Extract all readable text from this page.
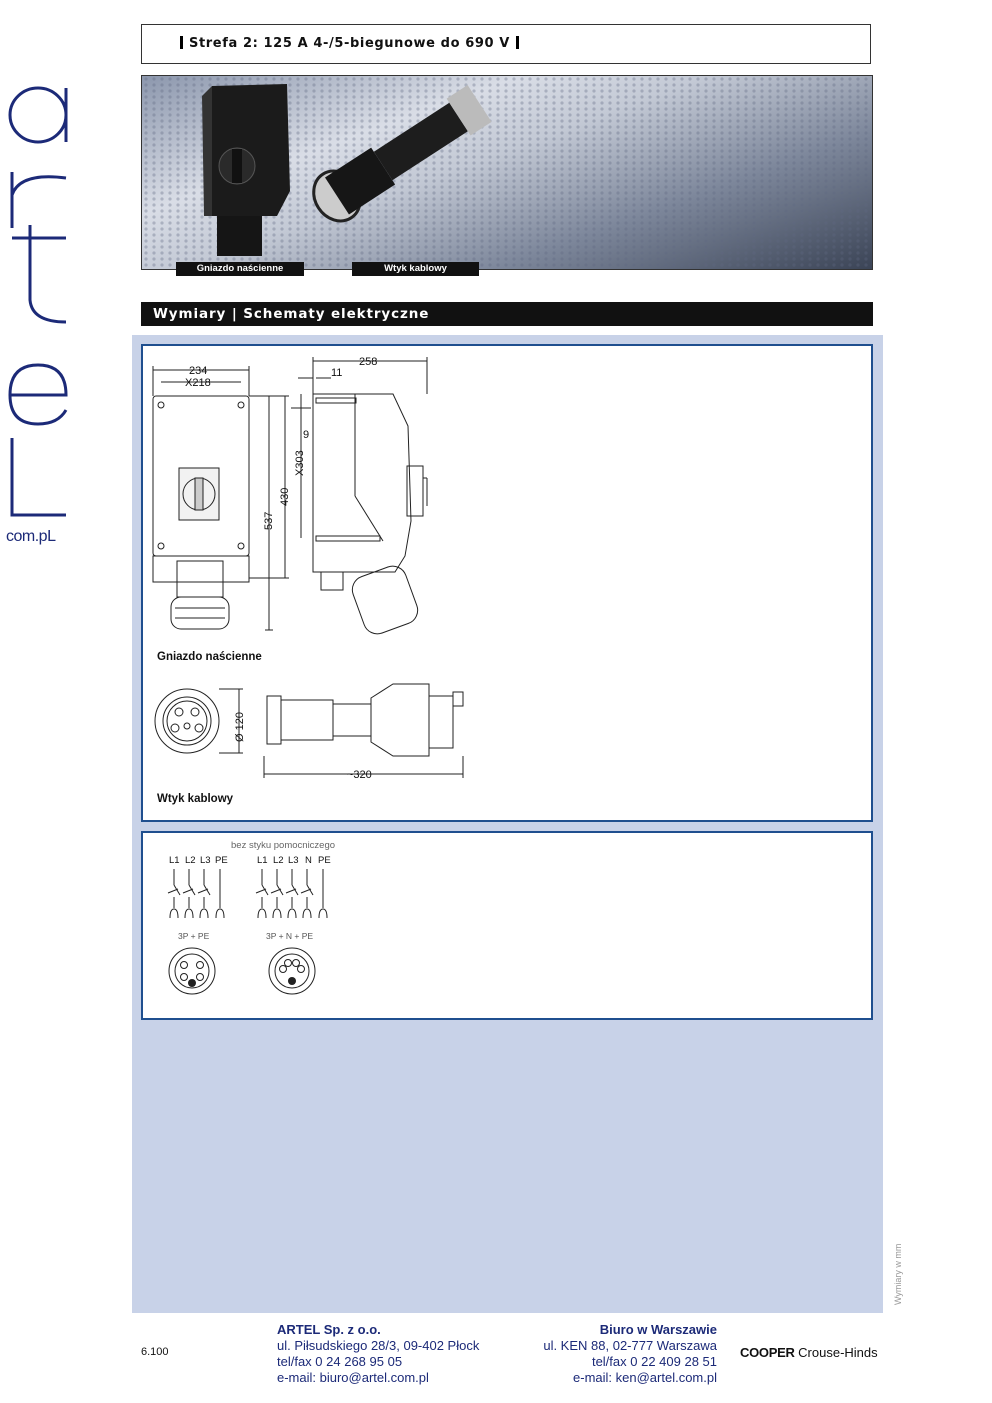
com.pL
Strefa 2: 125 A 4-/5-biegunowe do 690 V
Gniazdo naścienne	Wtyk kablowy
Wymiary | Schematy elektryczne
234
X218
258
11
9
X303
430
537
Ø 120
~320
Gniazdo naścienne
Wtyk kablowy
bez styku pomocniczego
L1 L2 L3 PE	L1 L2 L3 N PE
3P + PE	3P + N + PE
Wymiary w mm
6.100
ARTEL Sp. z o.o.
ul. Piłsudskiego 28/3, 09-402 Płock
tel/fax 0 24 268 95 05
e-mail: biuro@artel.com.pl
Biuro w Warszawie
ul. KEN 88, 02-777 Warszawa
tel/fax 0 22 409 28 51
e-mail: ken@artel.com.pl
COOPER Crouse-Hinds
